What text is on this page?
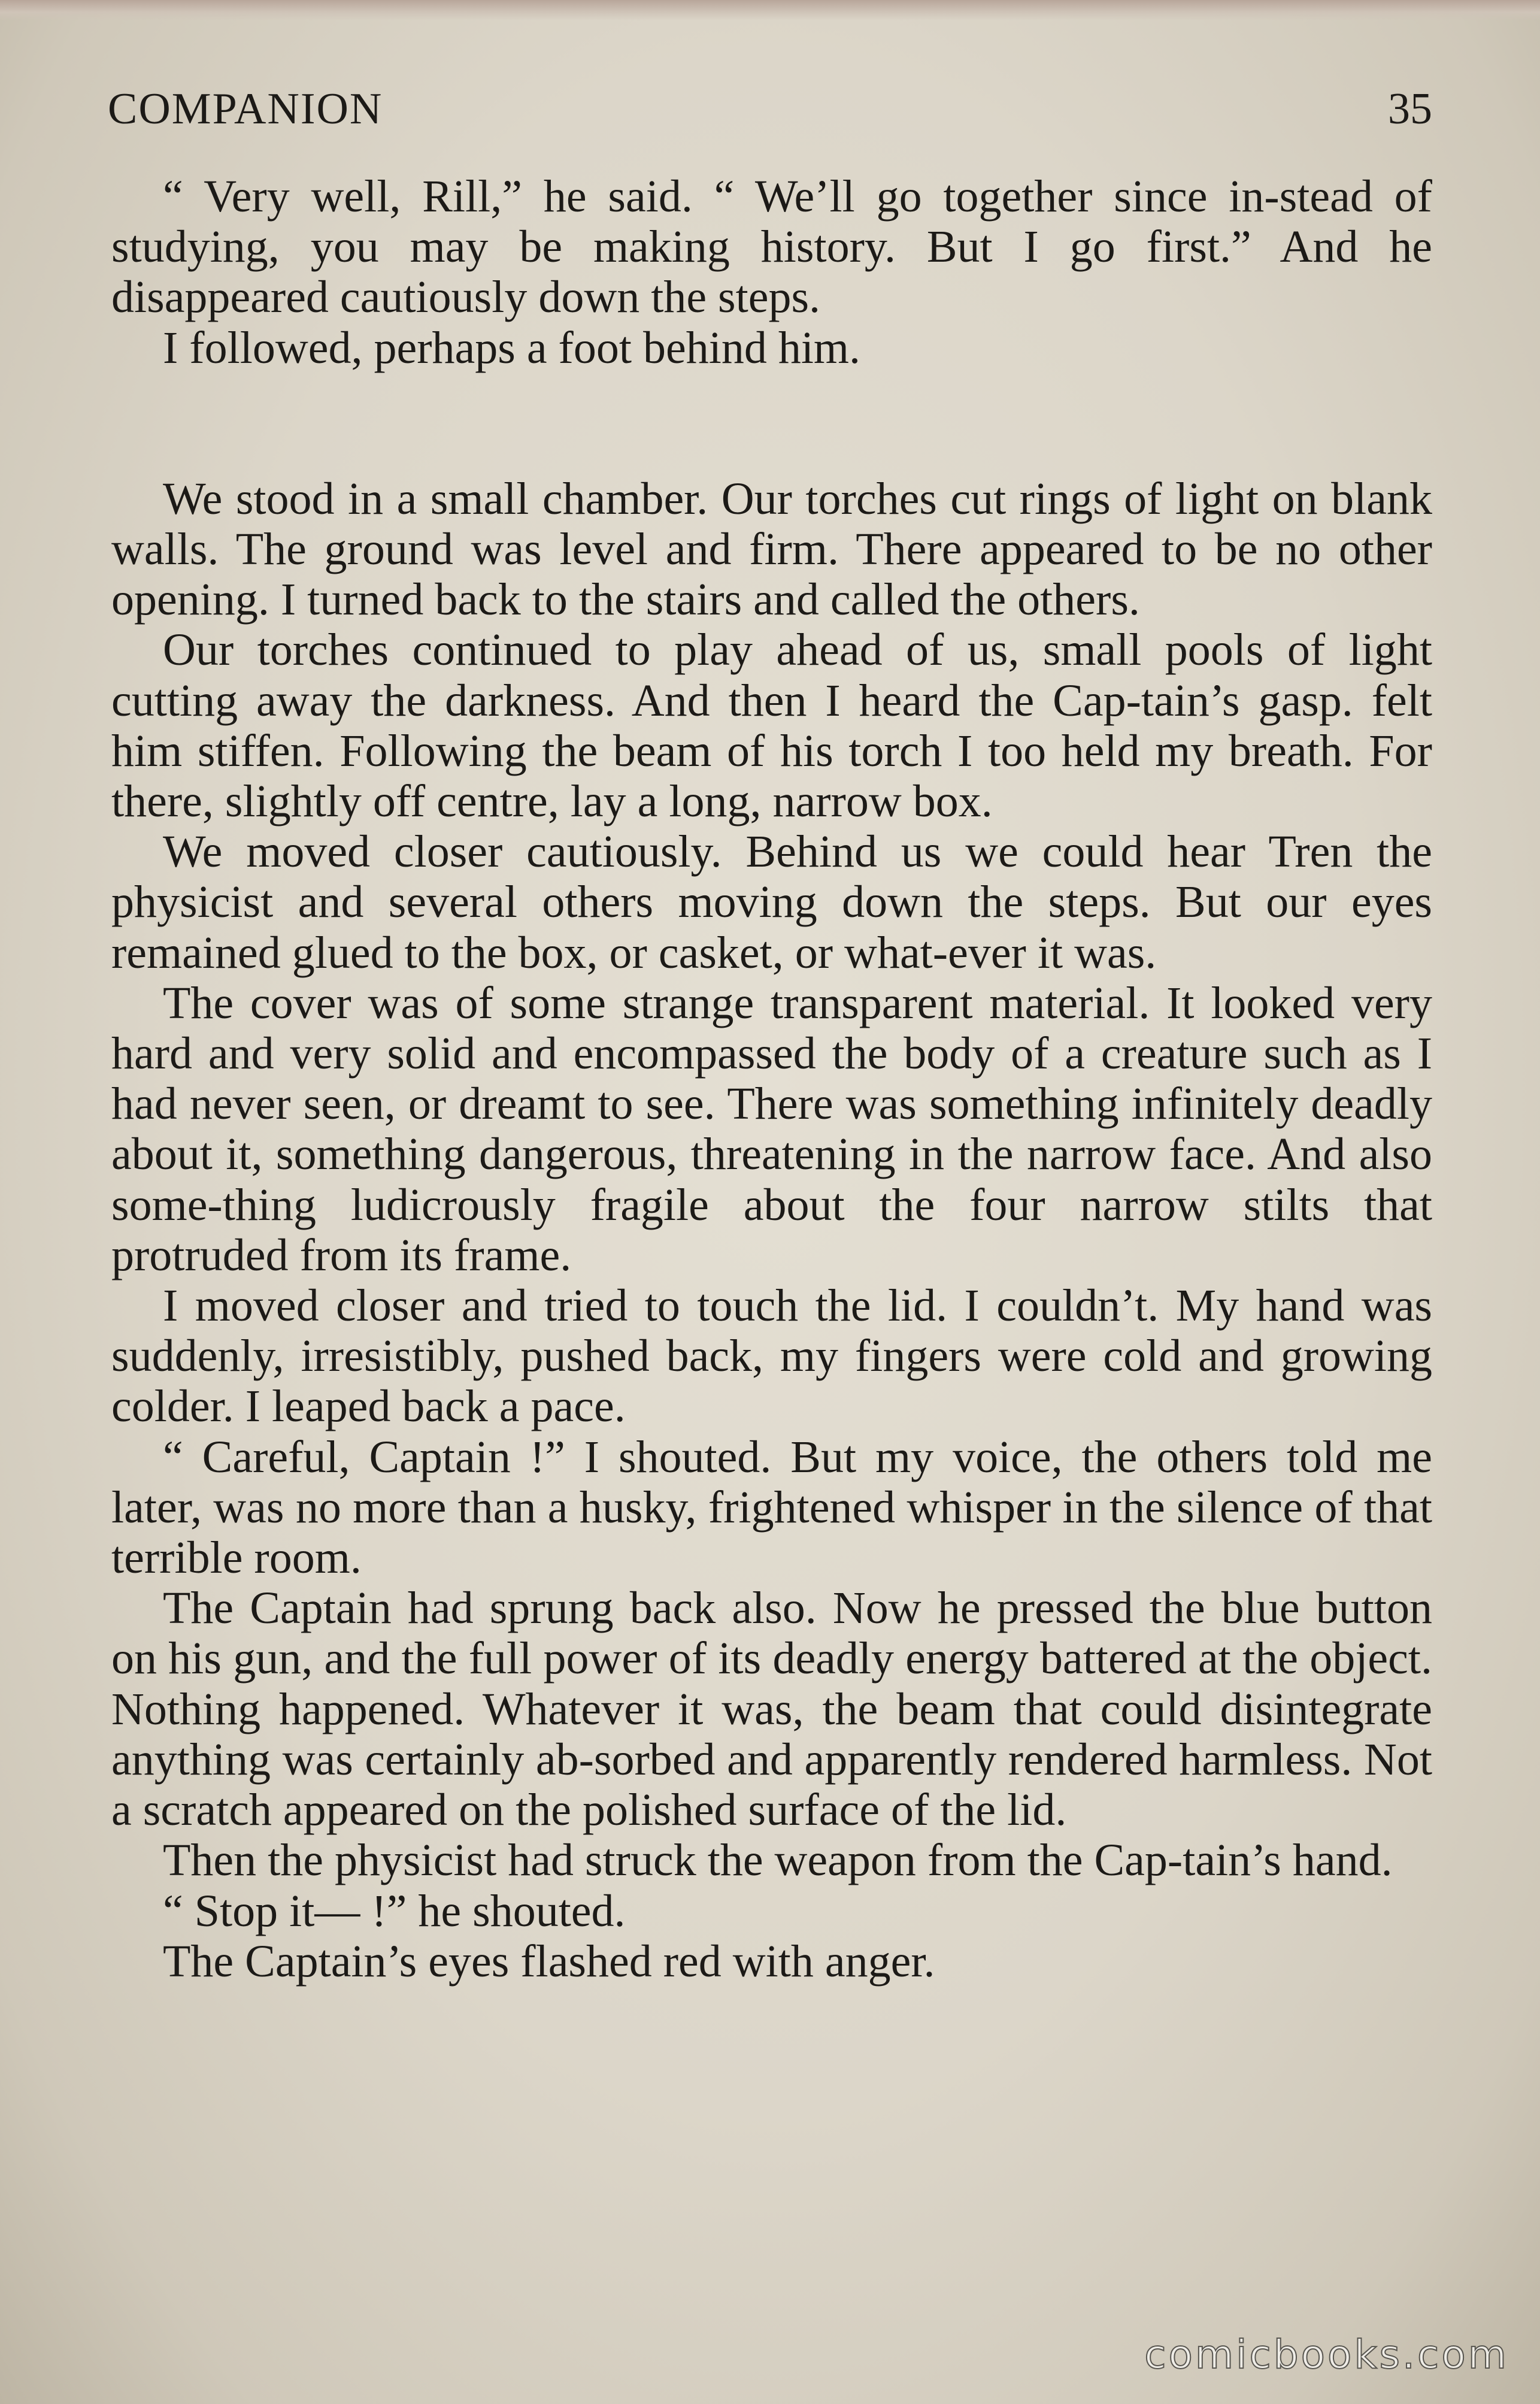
COMPANION	35

“ Very well, Rill,” he said. “ We’ll go together since in-stead of studying, you may be making history. But I go first.” And he disappeared cautiously down the steps.

I followed, perhaps a foot behind him.

We stood in a small chamber. Our torches cut rings of light on blank walls. The ground was level and firm. There appeared to be no other opening. I turned back to the stairs and called the others.

Our torches continued to play ahead of us, small pools of light cutting away the darkness. And then I heard the Cap-tain’s gasp. felt him stiffen. Following the beam of his torch I too held my breath. For there, slightly off centre, lay a long, narrow box.

We moved closer cautiously. Behind us we could hear Tren the physicist and several others moving down the steps. But our eyes remained glued to the box, or casket, or what-ever it was.

The cover was of some strange transparent material. It looked very hard and very solid and encompassed the body of a creature such as I had never seen, or dreamt to see. There was something infinitely deadly about it, something dangerous, threatening in the narrow face. And also some-thing ludicrously fragile about the four narrow stilts that protruded from its frame.

I moved closer and tried to touch the lid. I couldn’t. My hand was suddenly, irresistibly, pushed back, my fingers were cold and growing colder. I leaped back a pace.

“ Careful, Captain !” I shouted. But my voice, the others told me later, was no more than a husky, frightened whisper in the silence of that terrible room.

The Captain had sprung back also. Now he pressed the blue button on his gun, and the full power of its deadly energy battered at the object. Nothing happened. Whatever it was, the beam that could disintegrate anything was certainly ab-sorbed and apparently rendered harmless. Not a scratch appeared on the polished surface of the lid.

Then the physicist had struck the weapon from the Cap-tain’s hand.

“ Stop it— !” he shouted.

The Captain’s eyes flashed red with anger.

comicbooks.com
